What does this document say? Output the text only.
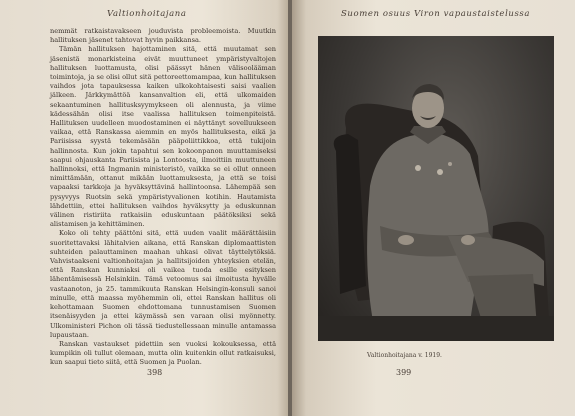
Valtionhoitajana

nemmät ratkaistavakseen jouduvista probleemoista. Muutkin hallituksen jäsenet tahtovat hyvin paikkansa.

Tämän hallituksen hajottaminen sitä, että muutamat sen jäsenistä monarkisteina eivät muuttuneet ympäristyvaltojen hallituksen luottamusta, olisi päässyt hänen välisoolääman toimintoja, ja se olisi ollut sitä pettoreettomampaa, kun hallituksen vaihdos jota tapauksessa kaiken ulkokohtaisesti saisi vaalien jälkeen. Järkkymättöä kansanvaltion eli, että ulkomaiden sekaantuminen hallitusksyymykseen oli alennusta, ja viime kädessähän olisi itse vaalissa hallituksen toimenpiteistä. Hallituksen uudelleen muodostaminen ei näyttänyt sovelluukseen vaikaa, että Ranskassa aiemmin en myös hallituksesta, eikä ja Pariisissa syystä tekemäsään pääpoliittikkoa, että tukijoin hallinnosta. Kun jokin tapahtui sen kokoonpanon muuttamiseksi saapui ohjauskanta Pariisista ja Lontoosta, ilmoittiin muuttuneen hallinnoksi, että Ingmanin ministeristö, vaikka se ei ollut onneen nimittämään, ottanut mikään luottamuksesta, ja että se toisi vapaaksi tarkkoja ja hyväksyttävinä hallintoonsa. Lähempää sen pysyvyys Ruotsin sekä ympäristyvalionen kotihin. Hautamista lähdettiin, ettei hallituksen vaihdos hyväksytty ja eduskunnan välinen ristiriita ratkaisiin eduskuntaan päätöksiksi sekä alistamisen ja kehittäminen.

Koko oli tehty päättöni sitä, että uuden vaalit määrättäisiin suoritettavaksi lähitalvien aikana, että Ranskan diplomaattisten suhteiden palauttaminen maahan uhkasi olivat täyttelytöksiä. Vahvistaakseni valtionhoitajan ja hallitsijoiden yhteyksien etelän, että Ranskan kunniaksi oli vaikea tuoda esille esityksen lähentämisessä Helsinkiin. Tämä vetoomus sai ilmoitusta hyvälle vastaanoton, ja 25. tammikuuta Ranskan Helsingin-konsuli sanoi minulle, että maassa myöhemmin oli, ettei Ranskan hallitus oli kehottamaan Suomen ehdottomana tunnustamisen Suomen itsenäisyyden ja ettei käymässä sen varaan olisi myönnetty. Ulkoministeri Pichon oli tässä tiedustellessaan minulle antamassa lupaustaan.

Ranskan vastaukset pidettiin sen vuoksi kokouksessa, että kumpikin oli tullut olemaan, mutta olin kuitenkin ollut ratkaisuksi, kun saapui tieto siitä, että Suomen ja Puolan.

398
Suomen osuus Viron vapaustaistelussa
Valtionhoitajana v. 1919.
399
